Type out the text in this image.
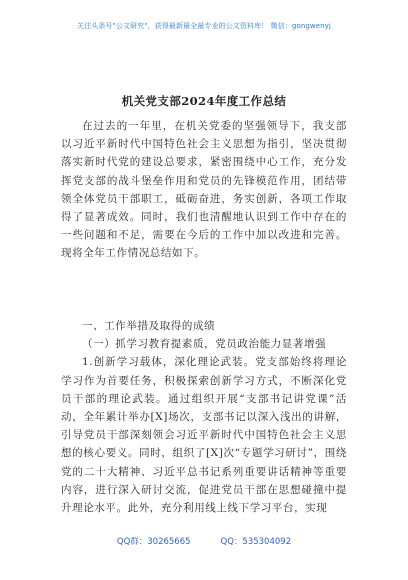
关注头条号"公文研究"，获得最新最全最专业的公文资料库！ 微信：gongwenyj
机关党支部2024年度工作总结

在过去的一年里，在机关党委的坚强领导下，我支部以习近平新时代中国特色社会主义思想为指引，坚决贯彻落实新时代党的建设总要求，紧密围绕中心工作，充分发挥党支部的战斗堡垒作用和党员的先锋模范作用，团结带领全体党员干部职工，砥砺奋进，务实创新，各项工作取得了显著成效。同时，我们也清醒地认识到工作中存在的一些问题和不足，需要在今后的工作中加以改进和完善。现将全年工作情况总结如下。

一、工作举措及取得的成绩

（一）抓学习教育提素质，党员政治能力显著增强

1.创新学习载体，深化理论武装。党支部始终将理论学习作为首要任务，积极探索创新学习方式，不断深化党员干部的理论武装。通过组织开展“支部书记讲党课”活动，全年累计举办[X]场次，支部书记以深入浅出的讲解，引导党员干部深刻领会习近平新时代中国特色社会主义思想的核心要义。同时，组织了[X]次“专题学习研讨”，围绕党的二十大精神、习近平总书记系列重要讲话精神等重要内容，进行深入研讨交流，促进党员干部在思想碰撞中提升理论水平。此外，充分利用线上线下学习平台，实现

QQ群：30265665	QQ：535304092
